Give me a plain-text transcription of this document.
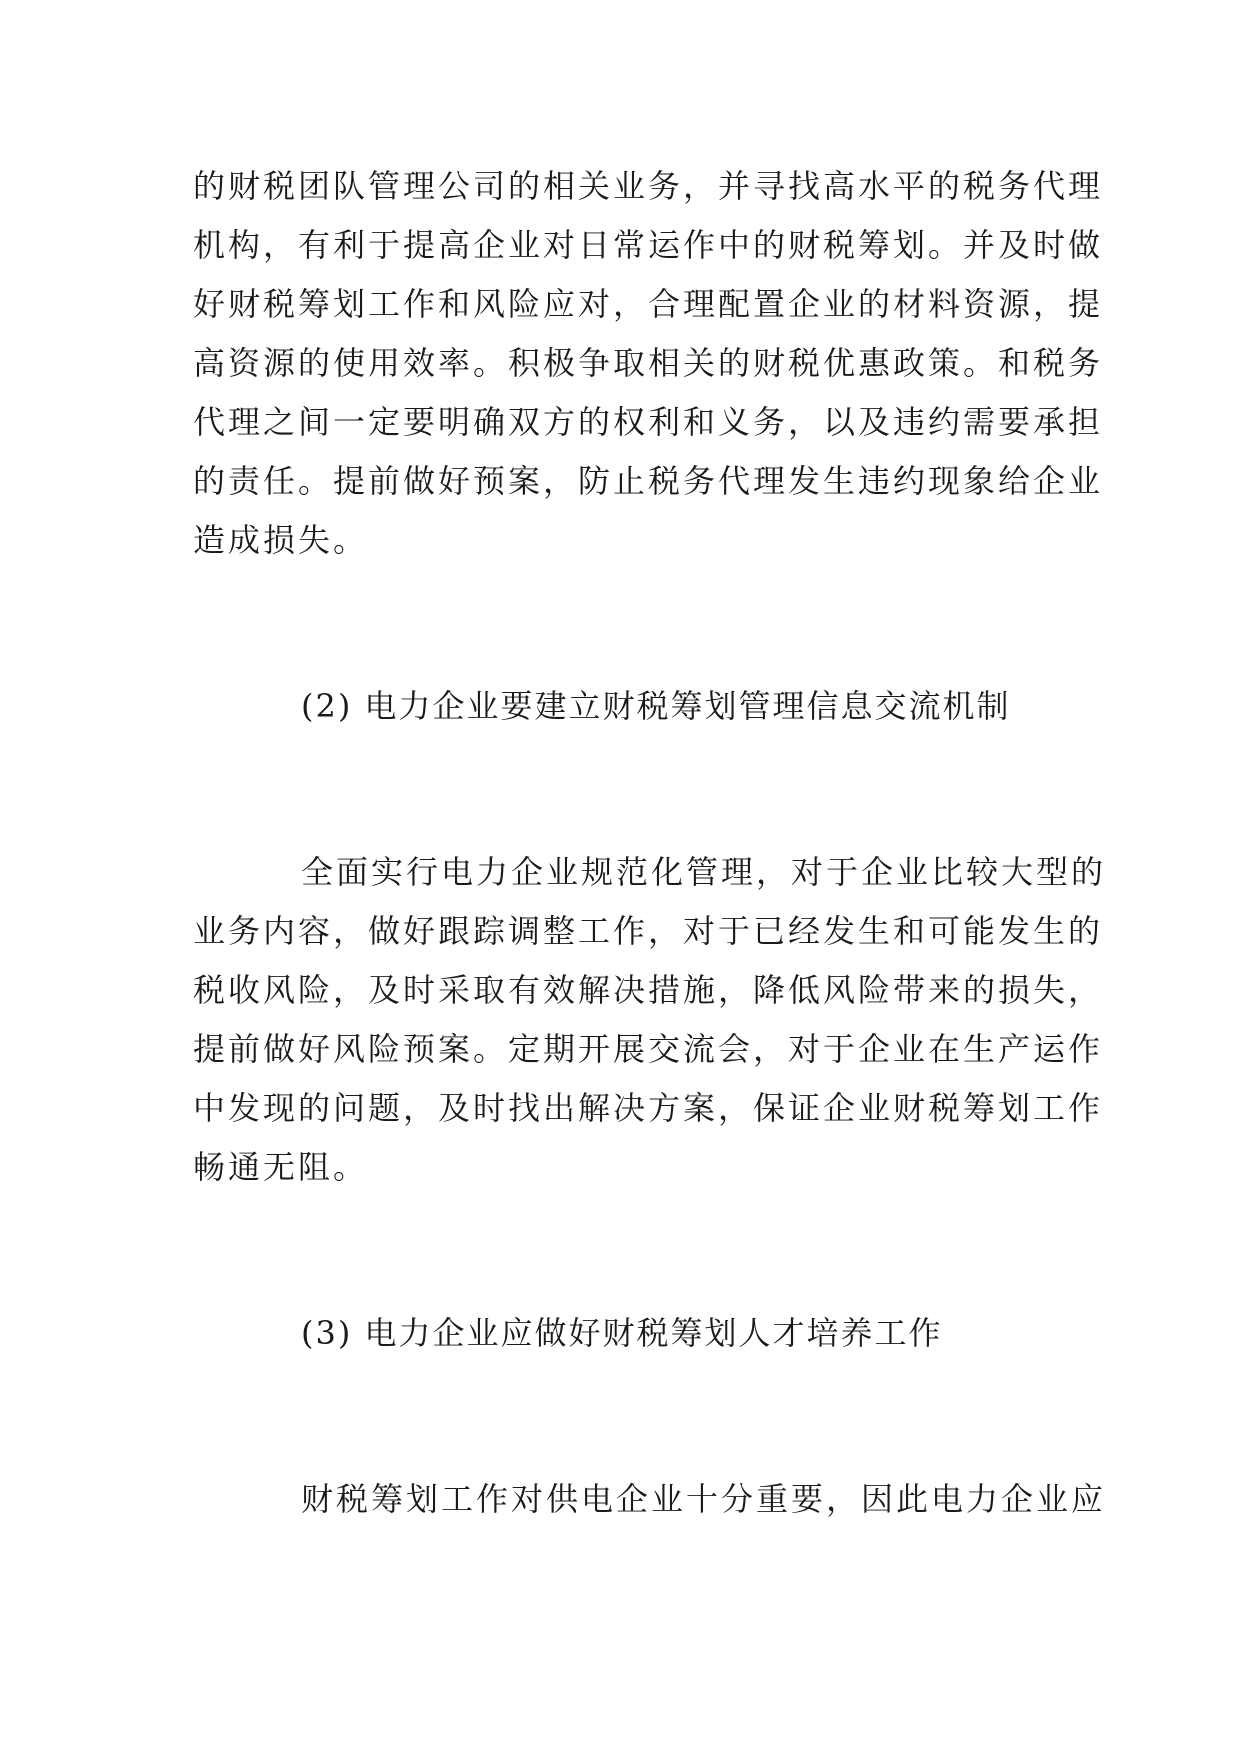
的财税团队管理公司的相关业务，并寻找高水平的税务代理
机构，有利于提高企业对日常运作中的财税筹划。并及时做
好财税筹划工作和风险应对，合理配置企业的材料资源，提
高资源的使用效率。积极争取相关的财税优惠政策。和税务
代理之间一定要明确双方的权利和义务，以及违约需要承担
的责任。提前做好预案，防止税务代理发生违约现象给企业
造成损失。
(2) 电力企业要建立财税筹划管理信息交流机制
全面实行电力企业规范化管理，对于企业比较大型的
业务内容，做好跟踪调整工作，对于已经发生和可能发生的
税收风险，及时采取有效解决措施，降低风险带来的损失，
提前做好风险预案。定期开展交流会，对于企业在生产运作
中发现的问题，及时找出解决方案，保证企业财税筹划工作
畅通无阻。
(3) 电力企业应做好财税筹划人才培养工作
财税筹划工作对供电企业十分重要，因此电力企业应
